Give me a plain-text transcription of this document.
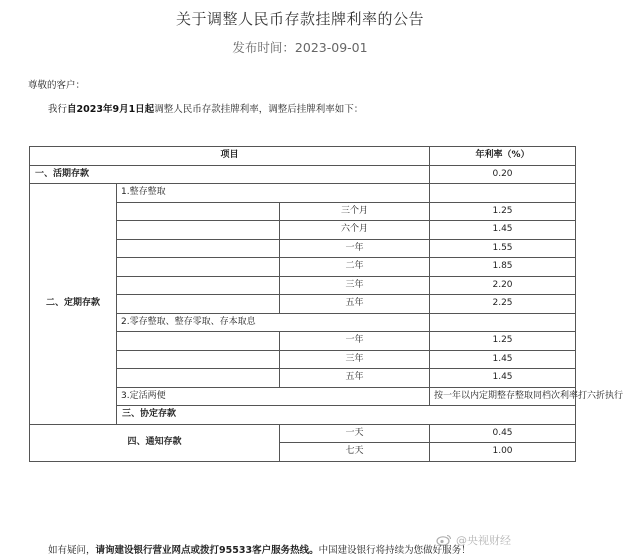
关于调整人民币存款挂牌利率的公告
发布时间：2023-09-01
尊敬的客户：
我行自2023年9月1日起调整人民币存款挂牌利率，调整后挂牌利率如下：
项目			年利率（%）	
一、活期存款			0.20	
二、定期存款	1.整存整取			
		三个月	1.25	
		六个月	1.45	
		一年	1.55	
		二年	1.85	
		三年	2.20	
		五年	2.25	
	2.零存整取、整存零取、存本取息			
		一年	1.25	
		三年	1.45	
		五年	1.45	
	3.定活两便		按一年以内定期整存整取同档次利率打六折执行	
	三、协定存款	
四、通知存款		一天	0.45	
		七天	1.00	
如有疑问，请询建设银行营业网点或拨打95533客户服务热线。中国建设银行将持续为您做好服务！
@央视财经
